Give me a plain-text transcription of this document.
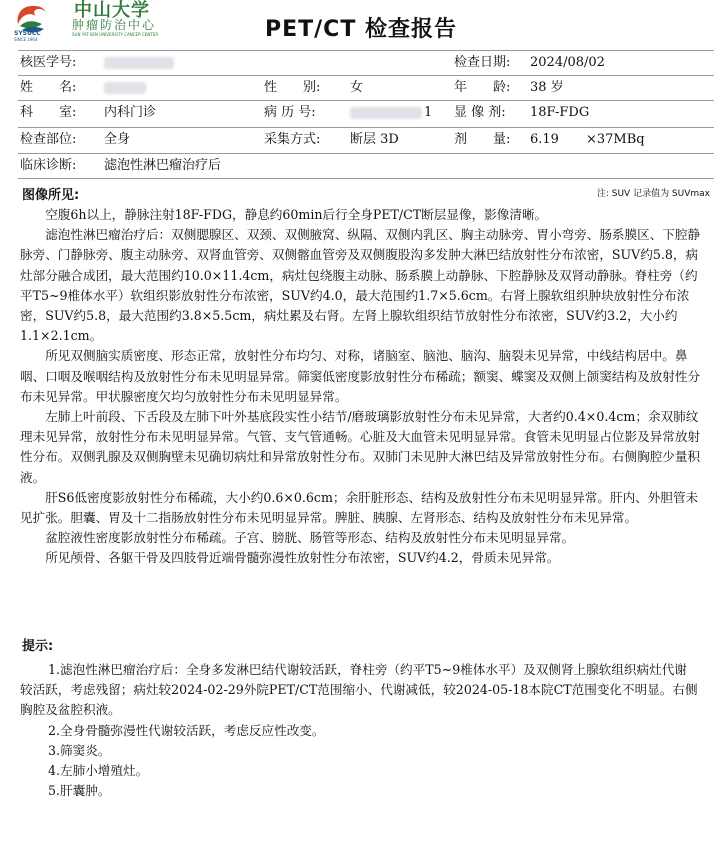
中山大学
肿瘤防治中心
SUN YAT-SEN UNIVERSITY CANCER CENTER
SYSUCC
SINCE 1964	PET/CT 检查报告
核医学号:	检查日期: 2024/08/02
姓　　名:	性　　别: 女	年　　龄: 38 岁
科　　室: 内科门诊	病 历 号:	1 显 像 剂: 18F-FDG
检查部位: 全身	采集方式: 断层 3D	剂　　量: 6.19 ×37MBq
临床诊断: 滤泡性淋巴瘤治疗后
图像所见:	注: SUV 记录值为 SUVmax

空腹6h以上，静脉注射18F-FDG，静息约60min后行全身PET/CT断层显像，影像清晰。

滤泡性淋巴瘤治疗后：双侧腮腺区、双颈、双侧腋窝、纵隔、双侧内乳区、胸主动脉旁、胃小弯旁、肠系膜区、下腔静脉旁、门静脉旁、腹主动脉旁、双肾血管旁、双侧髂血管旁及双侧腹股沟多发肿大淋巴结放射性分布浓密，SUV约5.8，病灶部分融合成团，最大范围约10.0×11.4cm，病灶包绕腹主动脉、肠系膜上动静脉、下腔静脉及双肾动静脉。脊柱旁（约平T5~9椎体水平）软组织影放射性分布浓密，SUV约4.0，最大范围约1.7×5.6cm。右肾上腺软组织肿块放射性分布浓密，SUV约5.8，最大范围约3.8×5.5cm，病灶累及右肾。左肾上腺软组织结节放射性分布浓密，SUV约3.2，大小约1.1×2.1cm。

所见双侧脑实质密度、形态正常，放射性分布均匀、对称，诸脑室、脑池、脑沟、脑裂未见异常，中线结构居中。鼻咽、口咽及喉咽结构及放射性分布未见明显异常。筛窦低密度影放射性分布稀疏；额窦、蝶窦及双侧上颌窦结构及放射性分布未见异常。甲状腺密度欠均匀放射性分布未见明显异常。

左肺上叶前段、下舌段及左肺下叶外基底段实性小结节/磨玻璃影放射性分布未见异常，大者约0.4×0.4cm；余双肺纹理未见异常，放射性分布未见明显异常。气管、支气管通畅。心脏及大血管未见明显异常。食管未见明显占位影及异常放射性分布。双侧乳腺及双侧胸壁未见确切病灶和异常放射性分布。双肺门未见肿大淋巴结及异常放射性分布。右侧胸腔少量积液。

肝S6低密度影放射性分布稀疏，大小约0.6×0.6cm；余肝脏形态、结构及放射性分布未见明显异常。肝内、外胆管未见扩张。胆囊、胃及十二指肠放射性分布未见明显异常。脾脏、胰腺、左肾形态、结构及放射性分布未见异常。

盆腔液性密度影放射性分布稀疏。子宫、膀胱、肠管等形态、结构及放射性分布未见明显异常。

所见颅骨、各躯干骨及四肢骨近端骨髓弥漫性放射性分布浓密，SUV约4.2，骨质未见异常。

提示:

1.滤泡性淋巴瘤治疗后：全身多发淋巴结代谢较活跃，脊柱旁（约平T5~9椎体水平）及双侧肾上腺软组织病灶代谢较活跃，考虑残留；病灶较2024-02-29外院PET/CT范围缩小、代谢减低，较2024-05-18本院CT范围变化不明显。右侧胸腔及盆腔积液。

2.全身骨髓弥漫性代谢较活跃，考虑反应性改变。

3.筛窦炎。

4.左肺小增殖灶。

5.肝囊肿。
